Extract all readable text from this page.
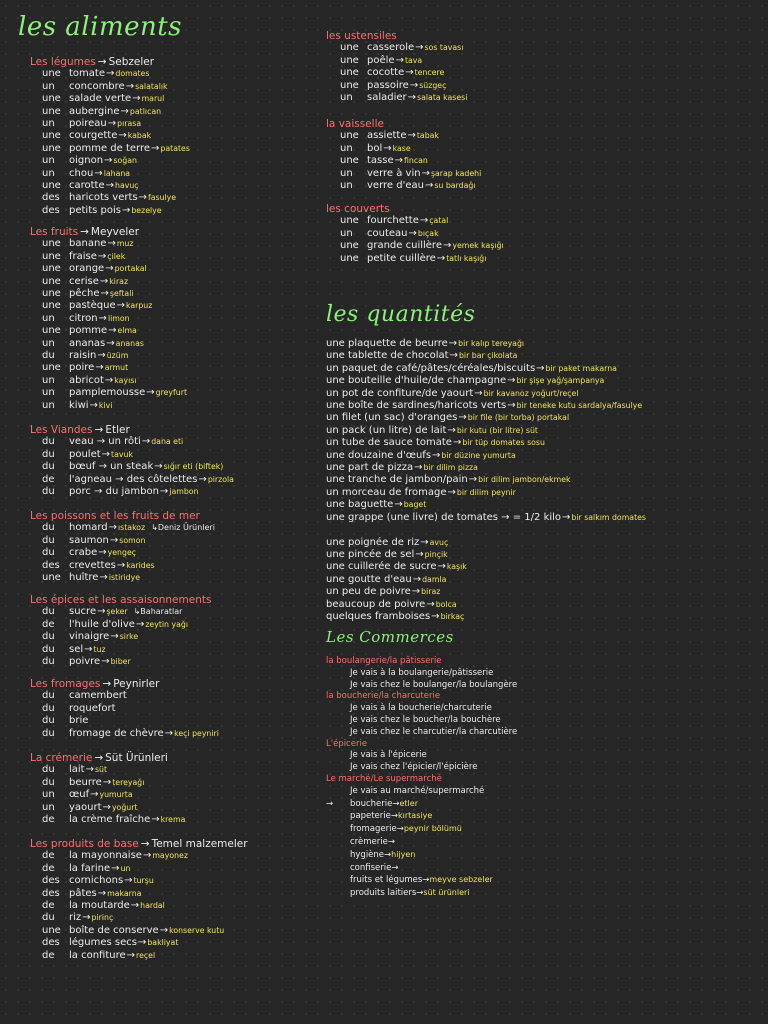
les aliments
Les légumes → Sebzeler
une tomate→domates
un concombre→salatalık
une salade verte→marul
une aubergine→patlıcan
un poireau→pırasa
une courgette→kabak
une pomme de terre→patates
un oignon→soğan
un chou→lahana
une carotte→havuç
des haricots verts→fasulye
des petits pois→bezelye
Les fruits → Meyveler
une banane→muz
une fraise→çilek
une orange→portakal
une cerise→kiraz
une pêche→şeftali
une pastèque→karpuz
un citron→limon
une pomme→elma
un ananas→ananas
du raisin→üzüm
une poire→armut
un abricot→kayısı
un pamplemousse→greyfurt
un kiwi→kivi
Les Viandes → Etler
du veau → un rôti→dana eti
du poulet→tavuk
du bœuf → un steak→sığır eti (biftek)
de l'agneau → des côtelettes→pirzola
du porc → du jambon→jambon
Les poissons et les fruits de mer
du homard→ıstakoz ↳Deniz Ürünleri
du saumon→somon
du crabe→yengeç
des crevettes→karides
une huître→istiridye
Les épices et les assaisonnements
du sucre→şeker ↳Baharatlar
de l'huile d'olive→zeytin yağı
du vinaigre→sirke
du sel→tuz
du poivre→biber
Les fromages → Peynirler
du camembert
du roquefort
du brie
du fromage de chèvre→keçi peyniri
La crémerie → Süt Ürünleri
du lait→süt
du beurre→tereyağı
un œuf→yumurta
un yaourt→yoğurt
de la crème fraîche→krema
Les produits de base → Temel malzemeler
de la mayonnaise→mayonez
de la farine→un
des cornichons→turşu
des pâtes→makarna
de la moutarde→hardal
du riz→pirinç
une boîte de conserve→konserve kutu
des légumes secs→bakliyat
de la confiture→reçel
les ustensiles
une casserole→sos tavası
une poêle→tava
une cocotte→tencere
une passoire→süzgeç
un saladier→salata kasesi
la vaisselle
une assiette→tabak
un bol→kase
une tasse→fincan
un verre à vin→şarap kadehi
un verre d'eau→su bardağı
les couverts
une fourchette→çatal
un couteau→bıçak
une grande cuillère→yemek kaşığı
une petite cuillère→tatlı kaşığı
les quantités
une plaquette de beurre→bir kalıp tereyağı
une tablette de chocolat→bir bar çikolata
un paquet de café/pâtes/céréales/biscuits→bir paket makarna
une bouteille d'huile/de champagne→bir şişe yağ/şampanya
un pot de confiture/de yaourt→bir kavanoz yoğurt/reçel
une boîte de sardines/haricots verts→bir teneke kutu sardalya/fasulye
un filet (un sac) d'oranges→bir file (bir torba) portakal
un pack (un litre) de lait→bir kutu (bir litre) süt
un tube de sauce tomate→bir tüp domates sosu
une douzaine d'œufs→bir düzine yumurta
une part de pizza→bir dilim pizza
une tranche de jambon/pain→bir dilim jambon/ekmek
un morceau de fromage→bir dilim peynir
une baguette→baget
une grappe (une livre) de tomates → = 1/2 kilo→bir salkım domates

une poignée de riz→avuç
une pincée de sel→pinçik
une cuillerée de sucre→kaşık
une goutte d'eau→damla
un peu de poivre→biraz
beaucoup de poivre→bolca
quelques framboises→birkaç
Les Commerces
la boulangerie/la pâtisserie
Je vais à la boulangerie/pâtisserie
Je vais chez le boulanger/la boulangère
la boucherie/la charcuterie
Je vais à la boucherie/charcuterie
Je vais chez le boucher/la bouchère
Je vais chez le charcutier/la charcutière
L'épicerie
Je vais à l'épicerie
Je vais chez l'épicier/l'épicière
Le marché/Le supermarché
Je vais au marché/supermarché
→ boucherie→etler
papeterie→kırtasiye
fromagerie→peynir bölümü
crèmerie→
hygiène→hijyen
confiserie→
fruits et légumes→meyve sebzeler
produits laitiers→süt ürünleri
